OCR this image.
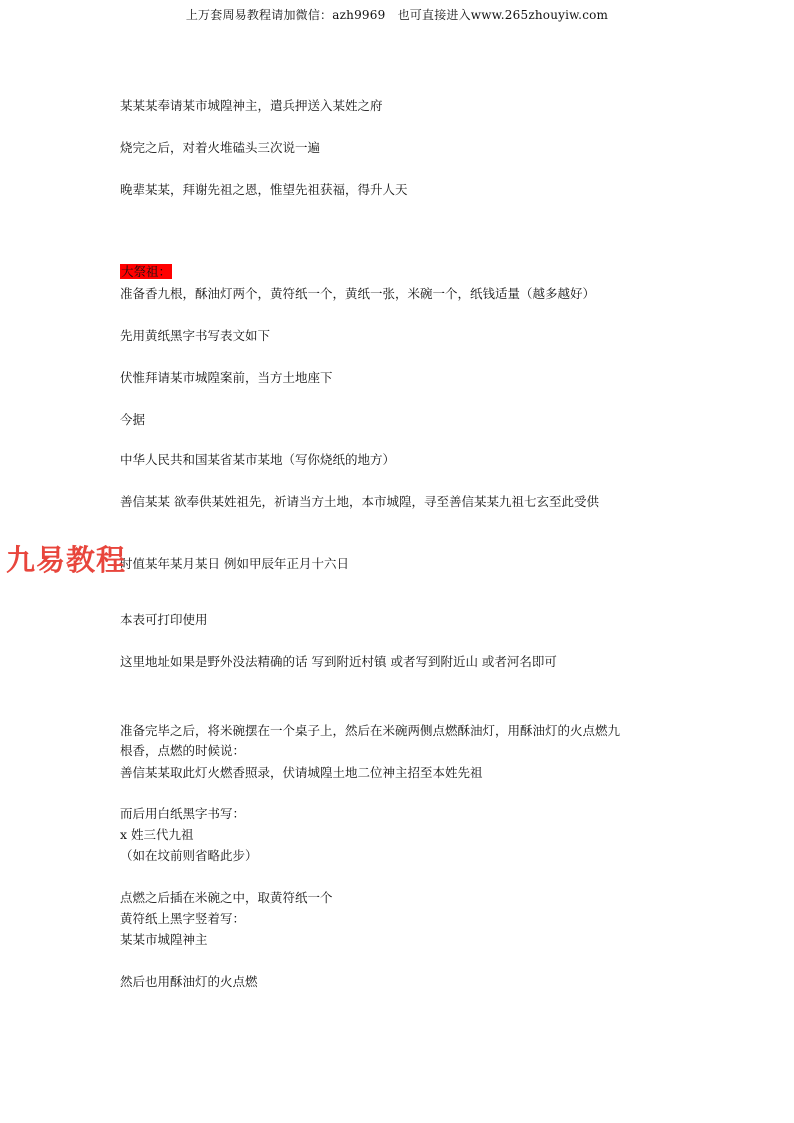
上万套周易教程请加微信：azh9969　也可直接进入www.265zhouyiw.com
某某某奉请某市城隍神主，遣兵押送入某姓之府
烧完之后，对着火堆磕头三次说一遍
晚辈某某，拜谢先祖之恩，惟望先祖获福，得升人天
大祭祖：
准备香九根，酥油灯两个，黄符纸一个，黄纸一张，米碗一个，纸钱适量（越多越好）
先用黄纸黑字书写表文如下
伏惟拜请某市城隍案前，当方土地座下
今据
中华人民共和国某省某市某地（写你烧纸的地方）
善信某某 欲奉供某姓祖先，祈请当方土地，本市城隍，寻至善信某某九祖七玄至此受供
时值某年某月某日 例如甲辰年正月十六日
九易教程
本表可打印使用
这里地址如果是野外没法精确的话 写到附近村镇 或者写到附近山 或者河名即可
准备完毕之后，将米碗摆在一个桌子上，然后在米碗两侧点燃酥油灯，用酥油灯的火点燃九
根香，点燃的时候说：
善信某某取此灯火燃香照录，伏请城隍土地二位神主招至本姓先祖
而后用白纸黑字书写：
x 姓三代九祖
（如在坟前则省略此步）
点燃之后插在米碗之中，取黄符纸一个
黄符纸上黑字竖着写：
某某市城隍神主
然后也用酥油灯的火点燃
